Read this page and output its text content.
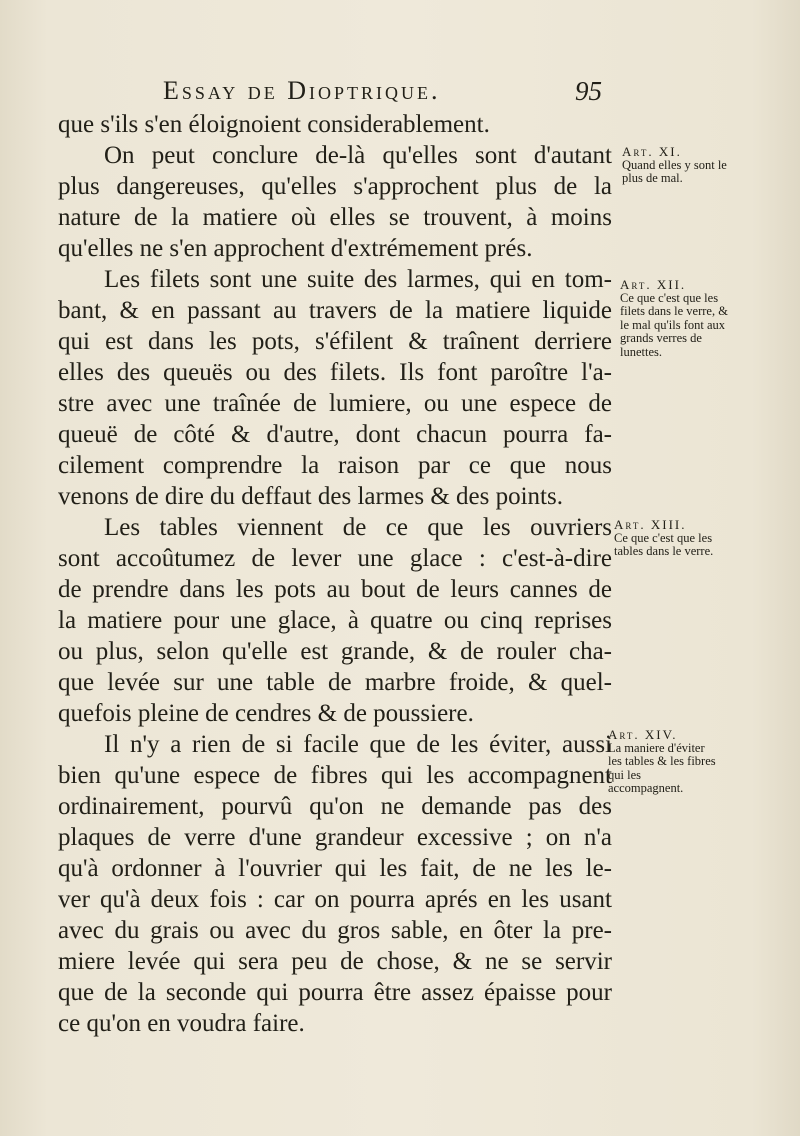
Essay de Dioptrique.	95
que s'ils s'en éloignoient considerablement.
On peut conclure de-là qu'elles sont d'autant
plus dangereuses, qu'elles s'approchent plus de la
nature de la matiere où elles se trouvent, à moins
qu'elles ne s'en approchent d'extrémement prés.
Les filets sont une suite des larmes, qui en tom-
bant, & en passant au travers de la matiere liquide
qui est dans les pots, s'éfilent & traînent derriere
elles des queuës ou des filets. Ils font paroître l'a-
stre avec une traînée de lumiere, ou une espece de
queuë de côté & d'autre, dont chacun pourra fa-
cilement comprendre la raison par ce que nous
venons de dire du deffaut des larmes & des points.
Les tables viennent de ce que les ouvriers
sont accoûtumez de lever une glace : c'est-à-dire
de prendre dans les pots au bout de leurs cannes de
la matiere pour une glace, à quatre ou cinq reprises
ou plus, selon qu'elle est grande, & de rouler cha-
que levée sur une table de marbre froide, & quel-
quefois pleine de cendres & de poussiere.
Il n'y a rien de si facile que de les éviter, aussi
bien qu'une espece de fibres qui les accompagnent
ordinairement, pourvû qu'on ne demande pas des
plaques de verre d'une grandeur excessive ; on n'a
qu'à ordonner à l'ouvrier qui les fait, de ne les le-
ver qu'à deux fois : car on pourra aprés en les usant
avec du grais ou avec du gros sable, en ôter la pre-
miere levée qui sera peu de chose, & ne se servir
que de la seconde qui pourra être assez épaisse pour
ce qu'on en voudra faire.
Art. XI.
Quand elles y sont le plus de mal.
Art. XII.
Ce que c'est que les filets dans le verre, & le mal qu'ils font aux grands verres de lunettes.
Art. XIII.
Ce que c'est que les tables dans le verre.
Art. XIV.
La maniere d'éviter les tables & les fibres qui les accompagnent.
